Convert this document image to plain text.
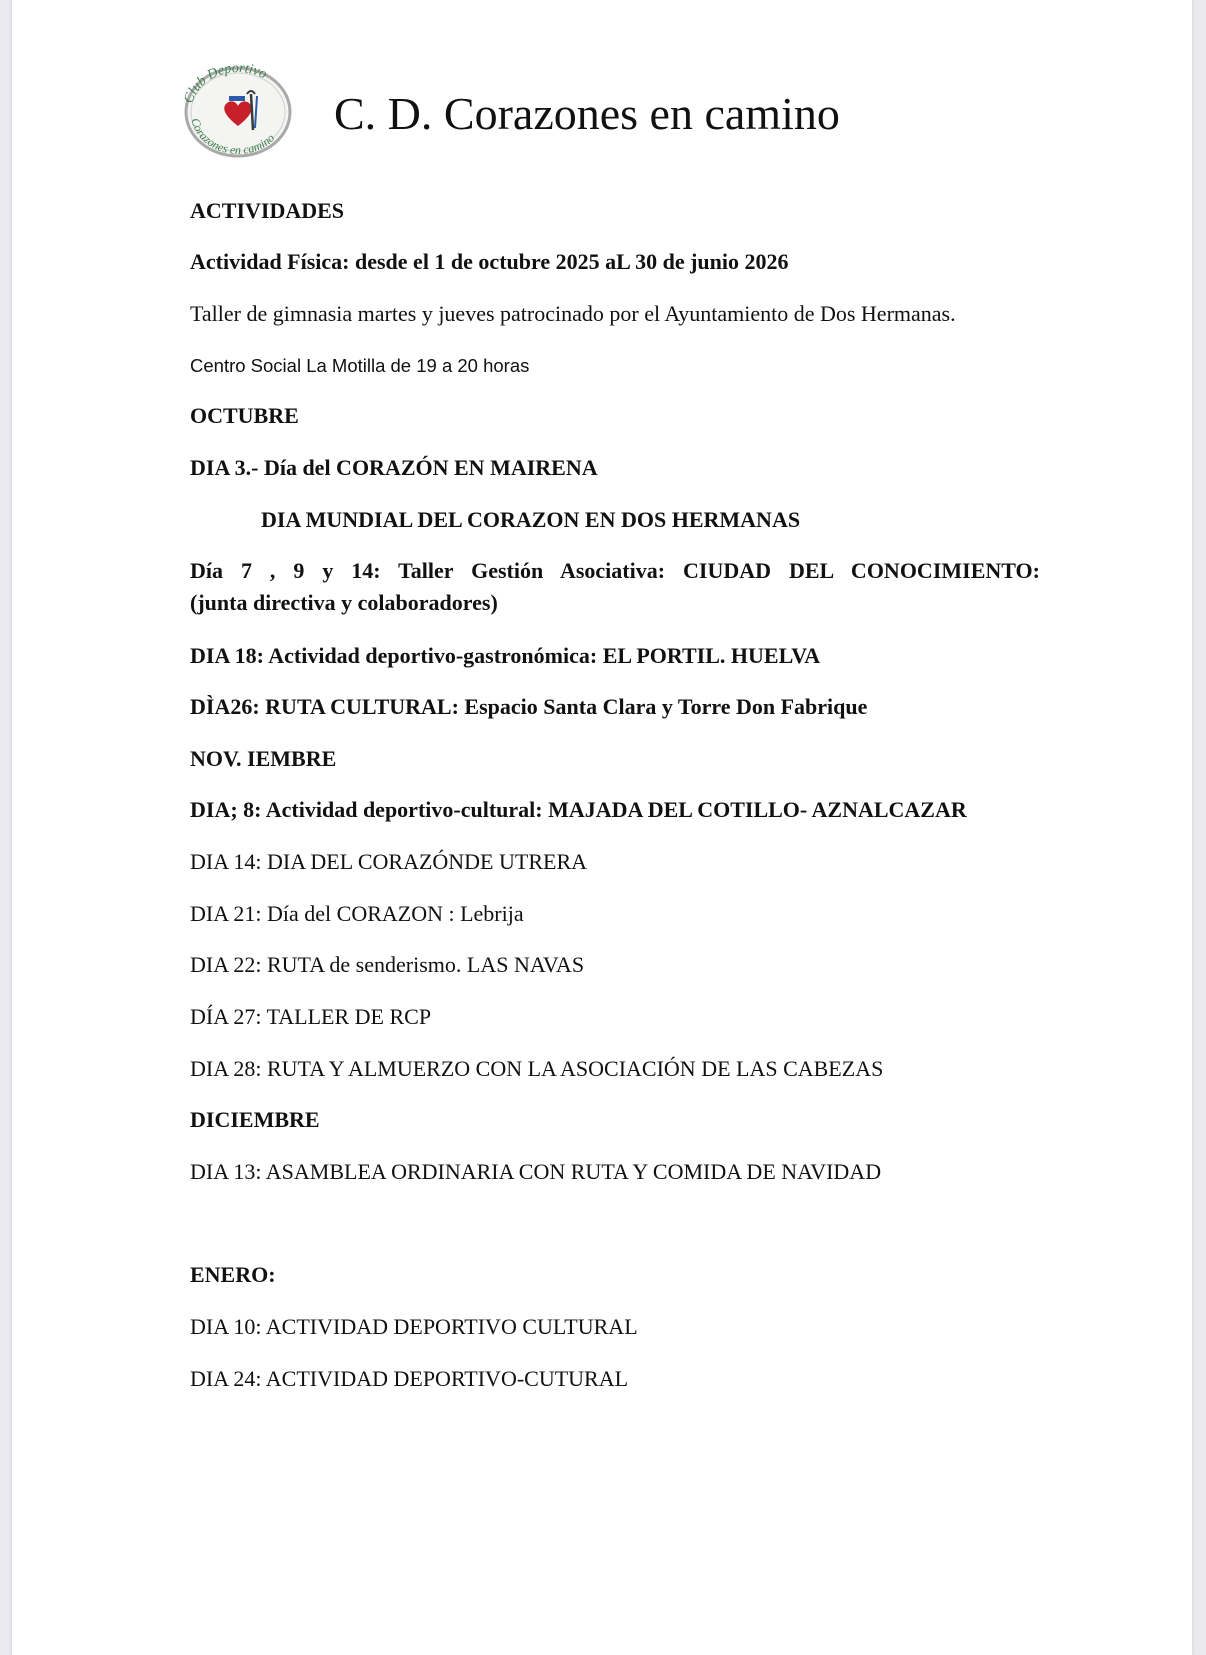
Club Deportivo
Corazones en camino C. D. Corazones en camino

ACTIVIDADES

Actividad Física: desde el 1 de octubre 2025 aL 30 de junio 2026

Taller de gimnasia martes y jueves patrocinado por el Ayuntamiento de Dos Hermanas.

Centro Social La Motilla de 19 a 20 horas

OCTUBRE

DIA 3.- Día del CORAZÓN EN MAIRENA

DIA MUNDIAL DEL CORAZON EN DOS HERMANAS

Día 7 , 9 y 14: Taller Gestión Asociativa: CIUDAD DEL CONOCIMIENTO:
(junta directiva y colaboradores)

DIA 18: Actividad deportivo-gastronómica: EL PORTIL. HUELVA

DÌA26: RUTA CULTURAL: Espacio Santa Clara y Torre Don Fabrique

NOV. IEMBRE

DIA; 8: Actividad deportivo-cultural: MAJADA DEL COTILLO- AZNALCAZAR

DIA 14: DIA DEL CORAZÓNDE UTRERA

DIA 21: Día del CORAZON : Lebrija

DIA 22: RUTA de senderismo. LAS NAVAS

DÍA 27: TALLER DE RCP

DIA 28: RUTA Y ALMUERZO CON LA ASOCIACIÓN DE LAS CABEZAS

DICIEMBRE

DIA 13: ASAMBLEA ORDINARIA CON RUTA Y COMIDA DE NAVIDAD

ENERO:

DIA 10: ACTIVIDAD DEPORTIVO CULTURAL

DIA 24: ACTIVIDAD DEPORTIVO-CUTURAL
